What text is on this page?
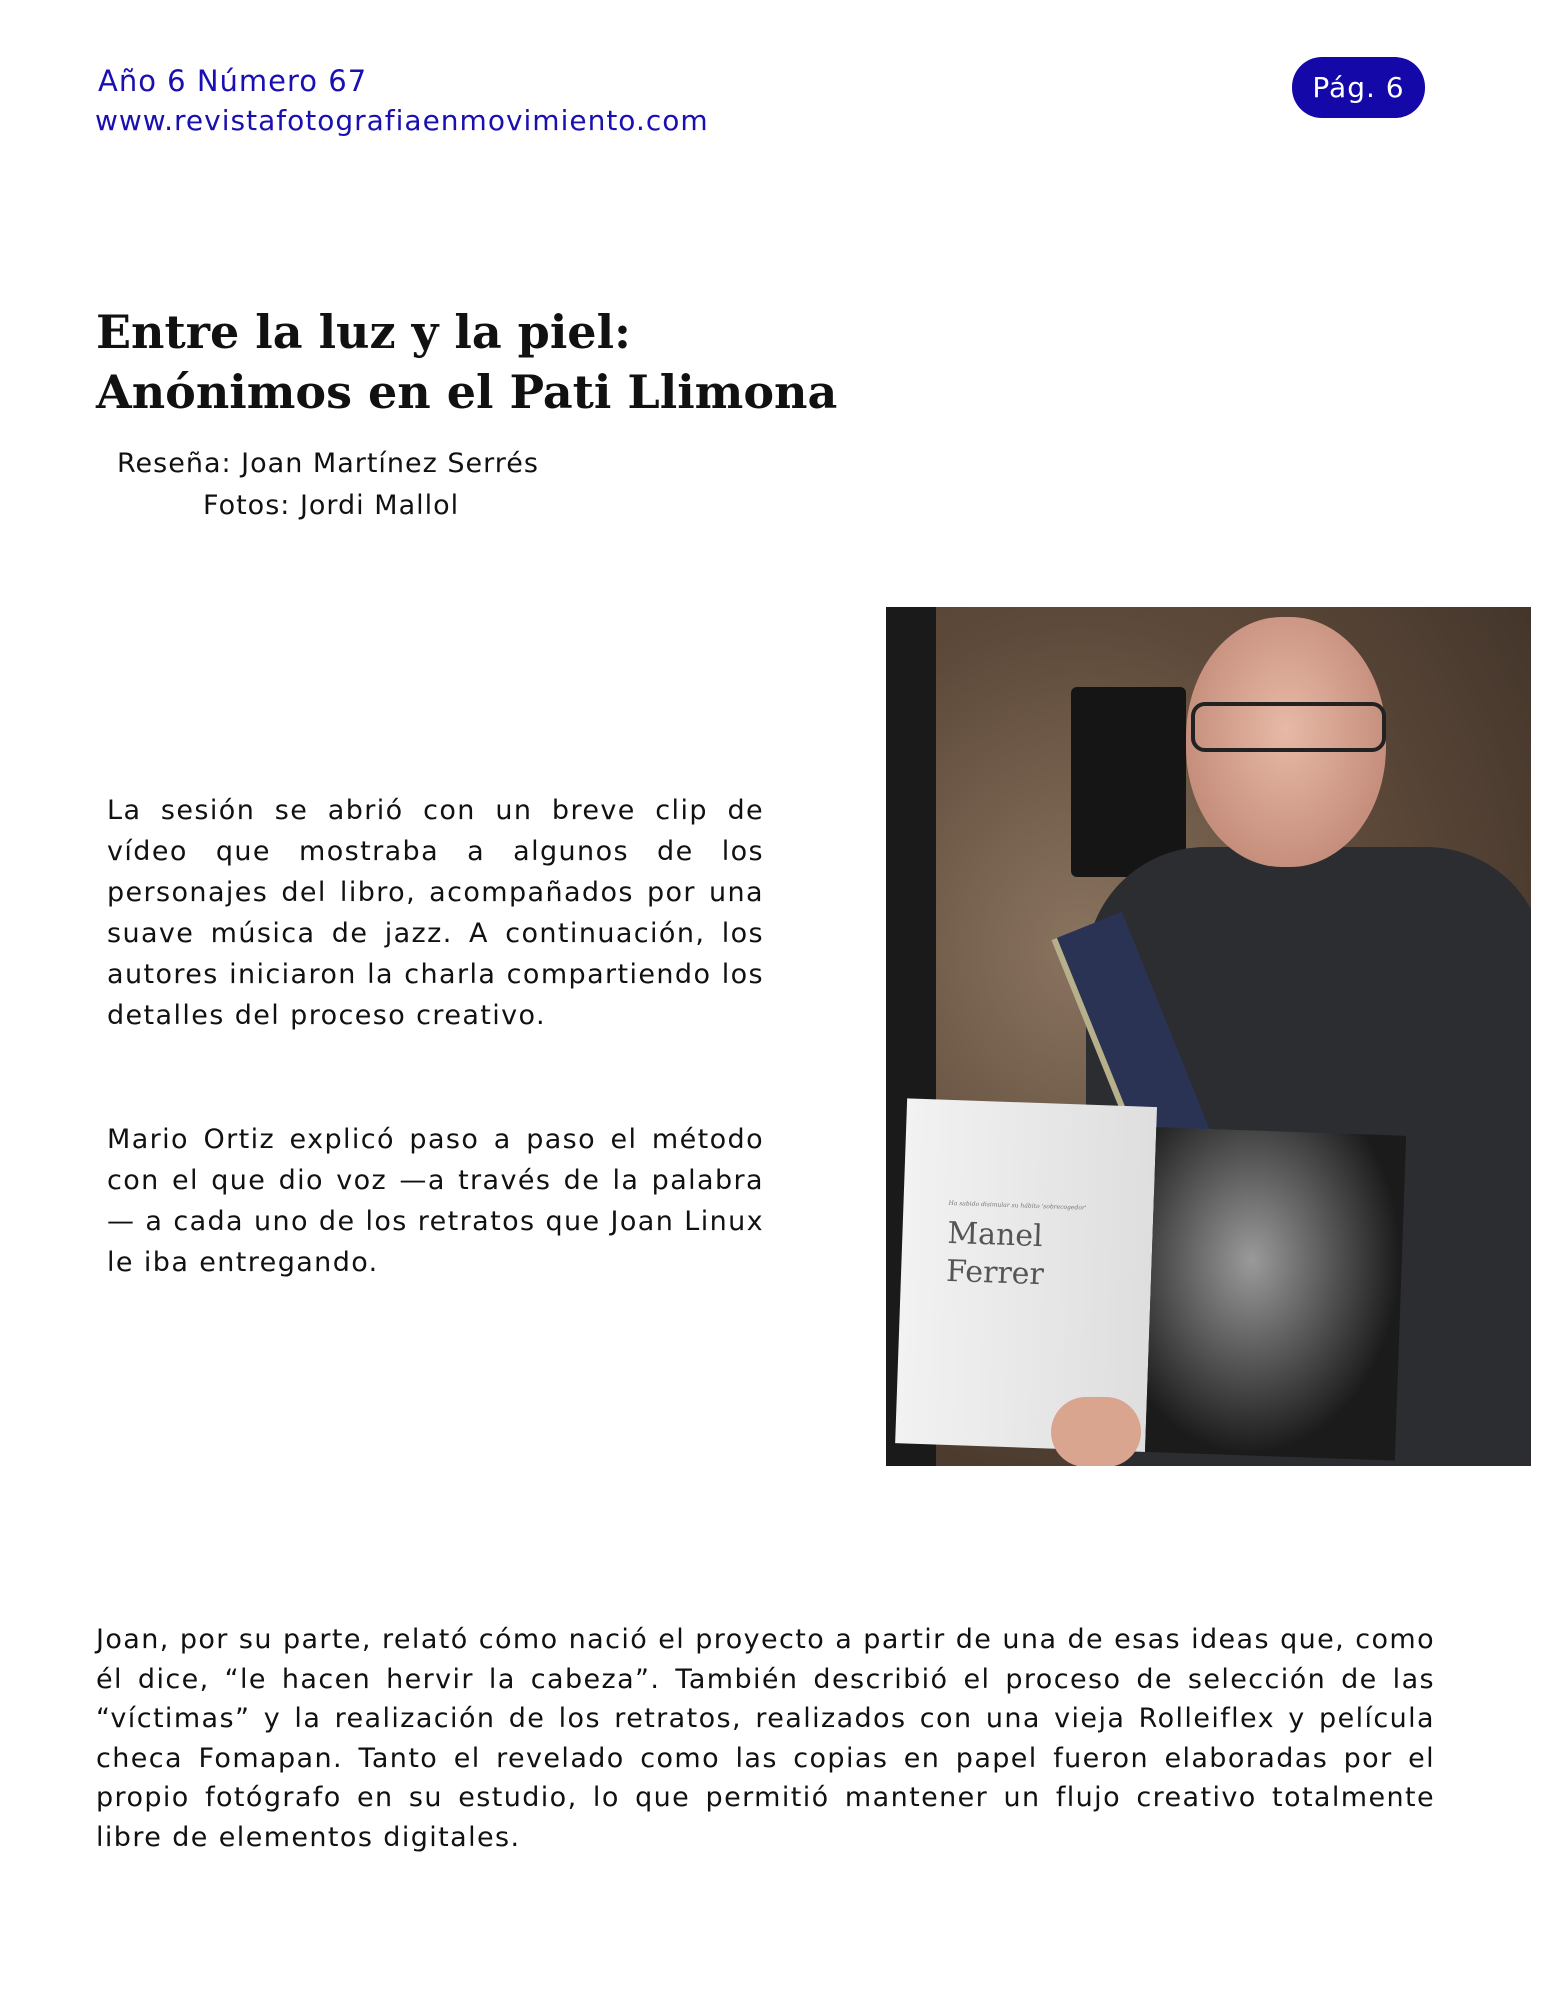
Año 6 Número 67
www.revistafotografiaenmovimiento.com
Pág. 6
Entre la luz y la piel:
Anónimos en el Pati Llimona
Reseña: Joan Martínez Serrés
Fotos: Jordi Mallol

La sesión se abrió con un breve clip de vídeo que mostraba a algunos de los personajes del libro, acompañados por una suave música de jazz. A continuación, los autores iniciaron la charla compartiendo los detalles del proceso creativo.

Mario Ortiz explicó paso a paso el método con el que dio voz —a través de la palabra— a cada uno de los retratos que Joan Linux le iba entregando.

Joan, por su parte, relató cómo nació el proyecto a partir de una de esas ideas que, como él dice, “le hacen hervir la cabeza”. También describió el proceso de selección de las “víctimas” y la realización de los retratos, realizados con una vieja Rolleiflex y película checa Fomapan. Tanto el revelado como las copias en papel fueron elaboradas por el propio fotógrafo en su estudio, lo que permitió mantener un flujo creativo totalmente libre de elementos digitales.

Ha sabido disimular su hábito 'sobrecogedor'
Manel
Ferrer
